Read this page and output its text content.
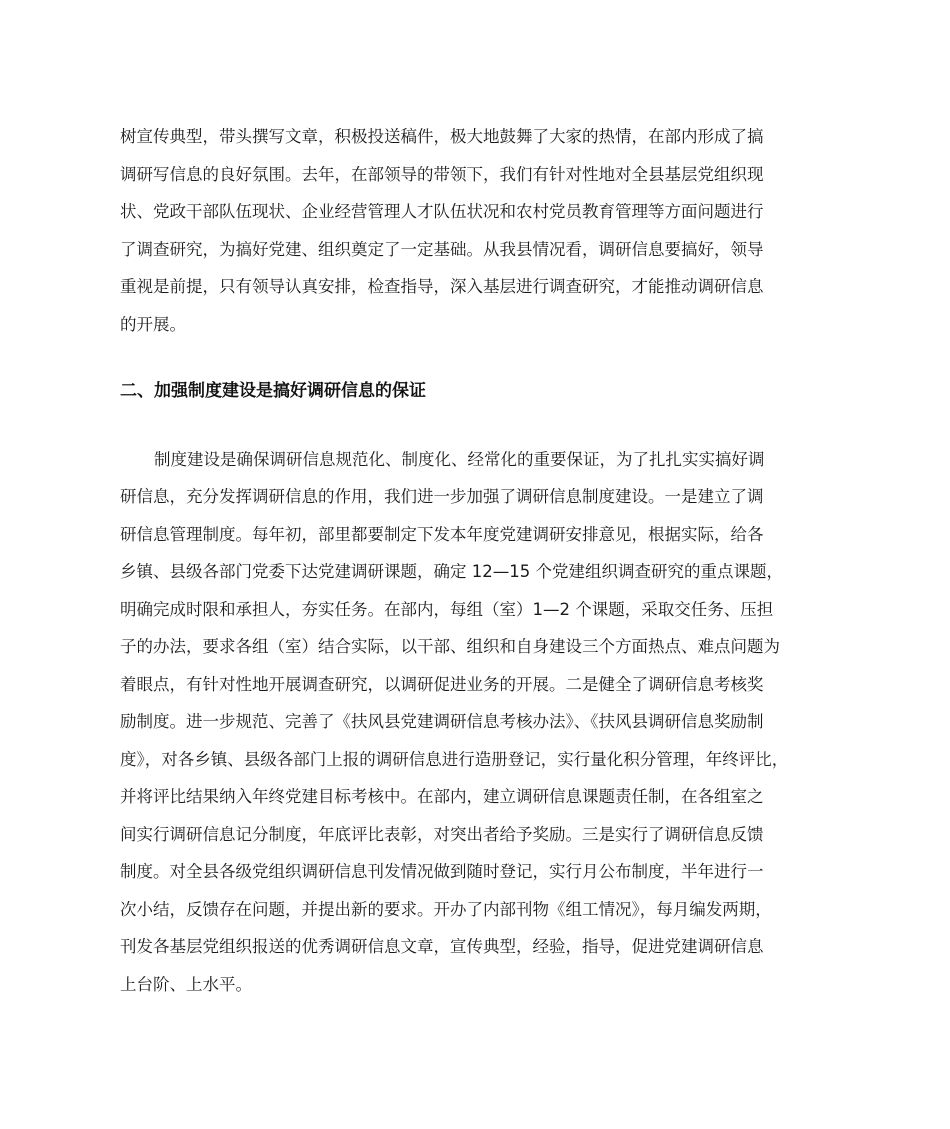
树宣传典型，带头撰写文章，积极投送稿件，极大地鼓舞了大家的热情，在部内形成了搞
调研写信息的良好氛围。去年，在部领导的带领下，我们有针对性地对全县基层党组织现
状、党政干部队伍现状、企业经营管理人才队伍状况和农村党员教育管理等方面问题进行
了调查研究，为搞好党建、组织奠定了一定基础。从我县情况看，调研信息要搞好，领导
重视是前提，只有领导认真安排，检查指导，深入基层进行调查研究，才能推动调研信息
的开展。
二、加强制度建设是搞好调研信息的保证
制度建设是确保调研信息规范化、制度化、经常化的重要保证，为了扎扎实实搞好调
研信息，充分发挥调研信息的作用，我们进一步加强了调研信息制度建设。一是建立了调
研信息管理制度。每年初，部里都要制定下发本年度党建调研安排意见，根据实际，给各
乡镇、县级各部门党委下达党建调研课题，确定 12—15 个党建组织调查研究的重点课题，
明确完成时限和承担人，夯实任务。在部内，每组（室）1—2 个课题，采取交任务、压担
子的办法，要求各组（室）结合实际，以干部、组织和自身建设三个方面热点、难点问题为
着眼点，有针对性地开展调查研究，以调研促进业务的开展。二是健全了调研信息考核奖
励制度。进一步规范、完善了《扶风县党建调研信息考核办法》、《扶风县调研信息奖励制
度》，对各乡镇、县级各部门上报的调研信息进行造册登记，实行量化积分管理，年终评比，
并将评比结果纳入年终党建目标考核中。在部内，建立调研信息课题责任制，在各组室之
间实行调研信息记分制度，年底评比表彰，对突出者给予奖励。三是实行了调研信息反馈
制度。对全县各级党组织调研信息刊发情况做到随时登记，实行月公布制度，半年进行一
次小结，反馈存在问题，并提出新的要求。开办了内部刊物《组工情况》，每月编发两期，
刊发各基层党组织报送的优秀调研信息文章，宣传典型，经验，指导，促进党建调研信息
上台阶、上水平。
